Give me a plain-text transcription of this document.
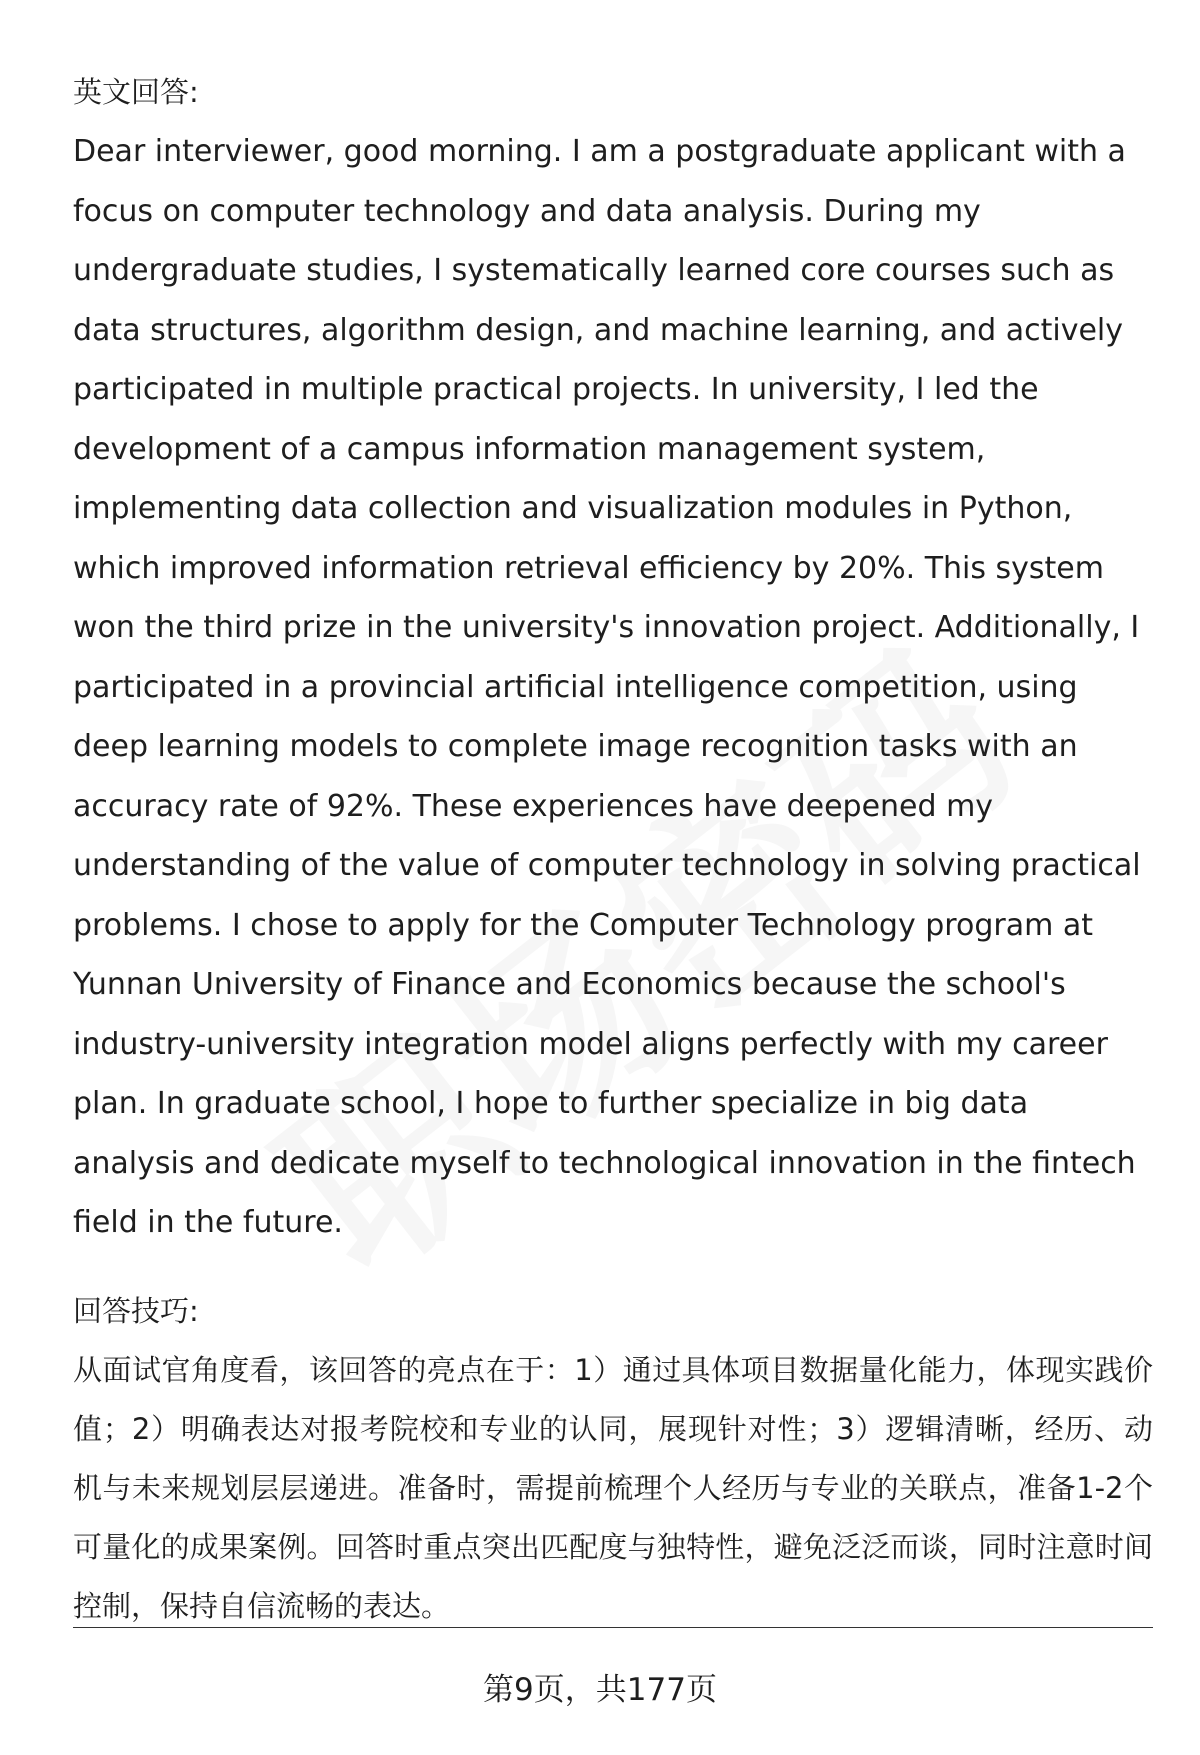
英文回答:

Dear interviewer, good morning. I am a postgraduate applicant with a focus on computer technology and data analysis. During my undergraduate studies, I systematically learned core courses such as data structures, algorithm design, and machine learning, and actively participated in multiple practical projects. In university, I led the development of a campus information management system, implementing data collection and visualization modules in Python, which improved information retrieval efficiency by 20%. This system won the third prize in the university's innovation project. Additionally, I participated in a provincial artificial intelligence competition, using deep learning models to complete image recognition tasks with an accuracy rate of 92%. These experiences have deepened my understanding of the value of computer technology in solving practical problems. I chose to apply for the Computer Technology program at Yunnan University of Finance and Economics because the school's industry-university integration model aligns perfectly with my career plan. In graduate school, I hope to further specialize in big data analysis and dedicate myself to technological innovation in the fintech field in the future.

回答技巧:

从面试官角度看，该回答的亮点在于：1）通过具体项目数据量化能力，体现实践价值；2）明确表达对报考院校和专业的认同，展现针对性；3）逻辑清晰，经历、动机与未来规划层层递进。准备时，需提前梳理个人经历与专业的关联点，准备1-2个可量化的成果案例。回答时重点突出匹配度与独特性，避免泛泛而谈，同时注意时间控制，保持自信流畅的表达。

第9页，共177页
